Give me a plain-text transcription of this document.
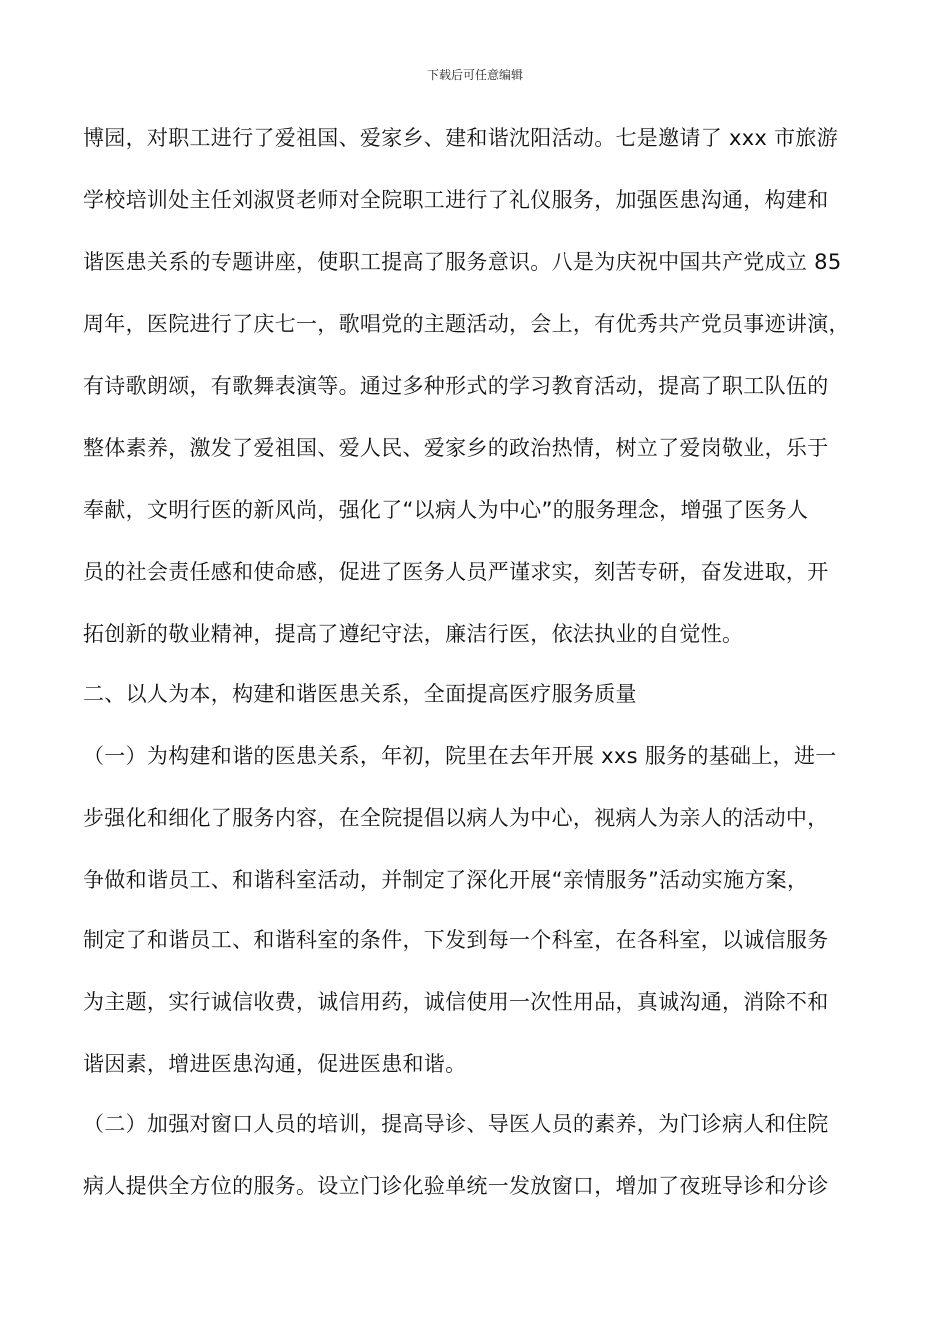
下载后可任意编辑
博园，对职工进行了爱祖国、爱家乡、建和谐沈阳活动。七是邀请了 xxx 市旅游
学校培训处主任刘淑贤老师对全院职工进行了礼仪服务，加强医患沟通，构建和
谐医患关系的专题讲座，使职工提高了服务意识。八是为庆祝中国共产党成立 85
周年，医院进行了庆七一，歌唱党的主题活动，会上，有优秀共产党员事迹讲演，
有诗歌朗颂，有歌舞表演等。通过多种形式的学习教育活动，提高了职工队伍的
整体素养，激发了爱祖国、爱人民、爱家乡的政治热情，树立了爱岗敬业，乐于
奉献，文明行医的新风尚，强化了“以病人为中心”的服务理念，增强了医务人
员的社会责任感和使命感，促进了医务人员严谨求实，刻苦专研，奋发进取，开
拓创新的敬业精神，提高了遵纪守法，廉洁行医，依法执业的自觉性。
二、以人为本，构建和谐医患关系，全面提高医疗服务质量
（一）为构建和谐的医患关系，年初，院里在去年开展 xxs 服务的基础上，进一
步强化和细化了服务内容，在全院提倡以病人为中心，视病人为亲人的活动中，
争做和谐员工、和谐科室活动，并制定了深化开展“亲情服务”活动实施方案，
制定了和谐员工、和谐科室的条件，下发到每一个科室，在各科室，以诚信服务
为主题，实行诚信收费，诚信用药，诚信使用一次性用品，真诚沟通，消除不和
谐因素，增进医患沟通，促进医患和谐。
（二）加强对窗口人员的培训，提高导诊、导医人员的素养，为门诊病人和住院
病人提供全方位的服务。设立门诊化验单统一发放窗口，增加了夜班导诊和分诊
